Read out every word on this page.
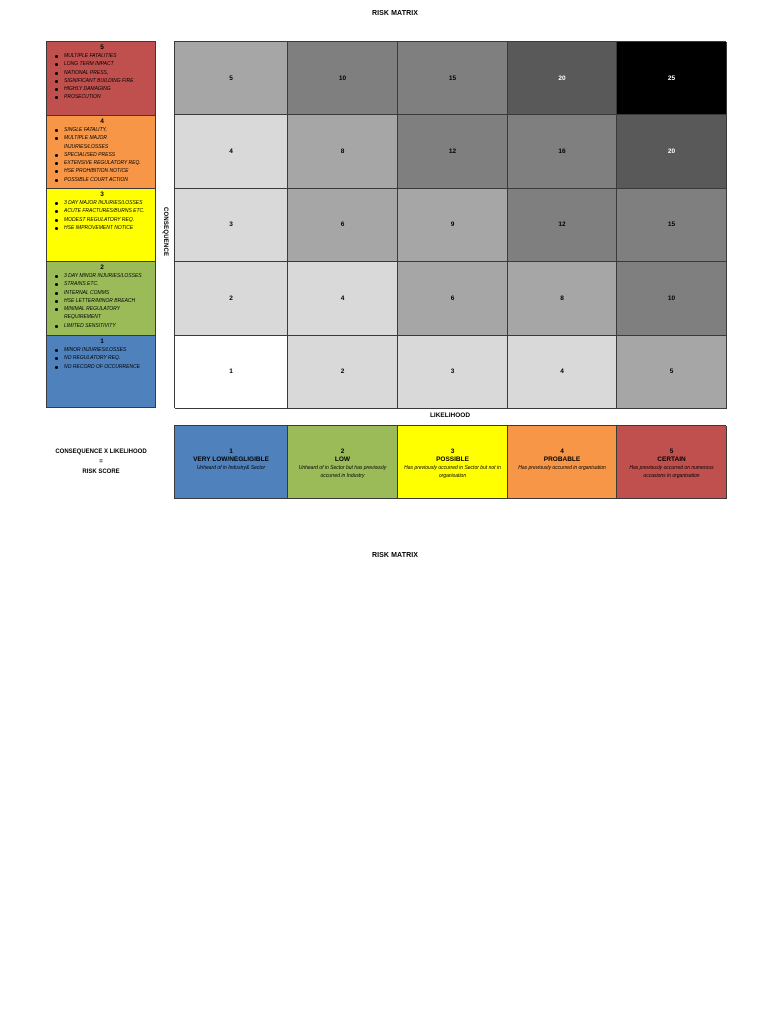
RISK MATRIX
5
MULTIPLE FATALITIES
LONG TERM IMPACT
NATIONAL PRESS,
SIGNIFICANT BUILDING FIRE
HIGHLY DAMAGING
PROSECUTION
4
SINGLE FATALITY,
MULTIPLE MAJOR INJURIES/LOSSES
SPECIALISED PRESS
EXTENSIVE REGULATORY REQ.
HSE PROHIBITION NOTICE
POSSIBLE COURT ACTION
3
3 DAY MAJOR INJURIES/LOSSES
ACUTE FRACTURES/BURNS ETC.
MODEST REGULATORY REQ.
HSE IMPROVEMENT NOTICE
2
3 DAY MINOR INJURIES/LOSSES
STRAINS ETC.
INTERNAL COMMS
HSE LETTER/MINOR BREACH
MINIMAL REGULATORY REQUIREMENT
LIMITED SENSITIVITY
1
MINOR INJURIES/LOSSES
NO REGULATORY REQ.
NO RECORD OF OCCURRENCE
CONSEQUENCE
5	10	15	20	25
4	8	12	16	20
3	6	9	12	15
2	4	6	8	10
1	2	3	4	5
LIKELIHOOD
1
VERY LOW/NEGLIGIBLE
Unheard of in Industry& Sector
2
LOW
Unheard of in Sector but has previously occurred in Industry
3
POSSIBLE
Has previously occurred in Sector but not in organisation
4
PROBABLE
Has previously occurred in organisation
5
CERTAIN
Has previously occurred on numerous occasions in organisation
CONSEQUENCE X LIKELIHOOD
=
RISK SCORE
RISK MATRIX
